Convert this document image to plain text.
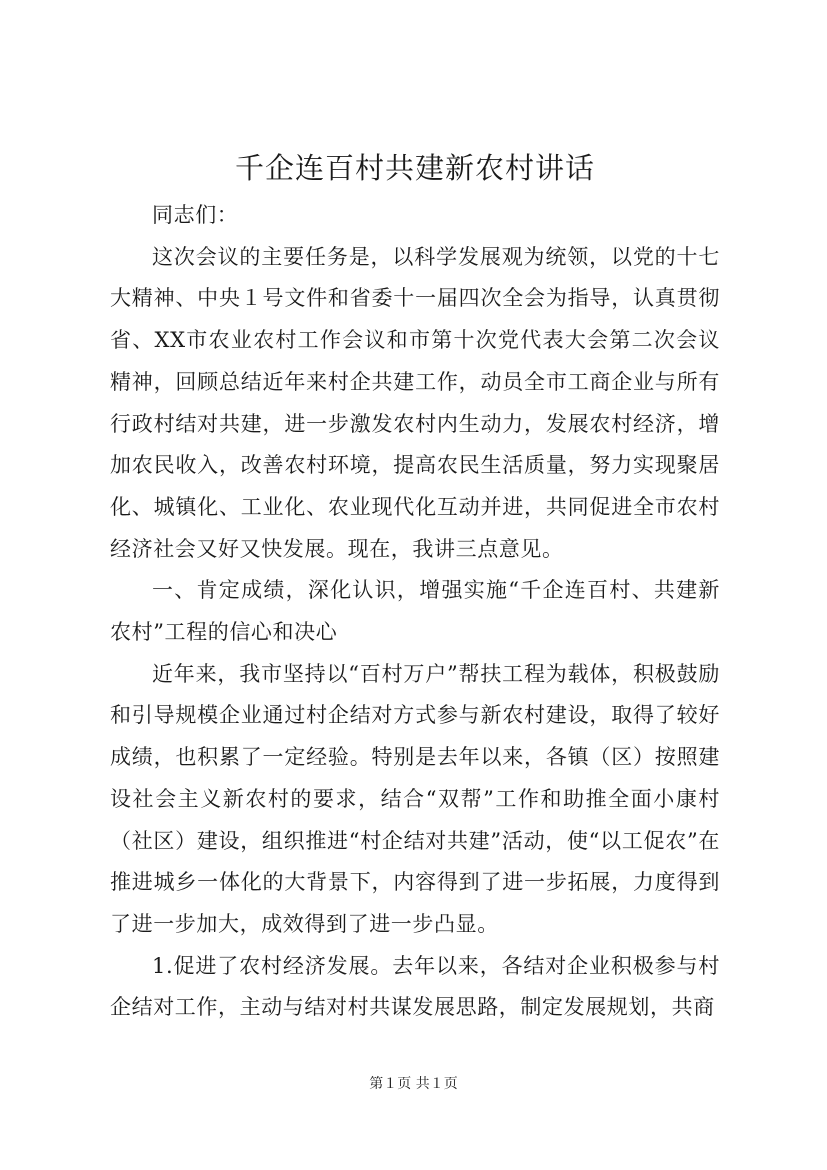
千企连百村共建新农村讲话

同志们：

这次会议的主要任务是，以科学发展观为统领，以党的十七大精神、中央１号文件和省委十一届四次全会为指导，认真贯彻省、XX市农业农村工作会议和市第十次党代表大会第二次会议精神，回顾总结近年来村企共建工作，动员全市工商企业与所有行政村结对共建，进一步激发农村内生动力，发展农村经济，增加农民收入，改善农村环境，提高农民生活质量，努力实现聚居化、城镇化、工业化、农业现代化互动并进，共同促进全市农村经济社会又好又快发展。现在，我讲三点意见。

一、肯定成绩，深化认识，增强实施“千企连百村、共建新农村”工程的信心和决心

近年来，我市坚持以“百村万户”帮扶工程为载体，积极鼓励和引导规模企业通过村企结对方式参与新农村建设，取得了较好成绩，也积累了一定经验。特别是去年以来，各镇（区）按照建设社会主义新农村的要求，结合“双帮”工作和助推全面小康村（社区）建设，组织推进“村企结对共建”活动，使“以工促农”在推进城乡一体化的大背景下，内容得到了进一步拓展，力度得到了进一步加大，成效得到了进一步凸显。

1.促进了农村经济发展。去年以来，各结对企业积极参与村企结对工作，主动与结对村共谋发展思路，制定发展规划，共商

第１页 共１页
